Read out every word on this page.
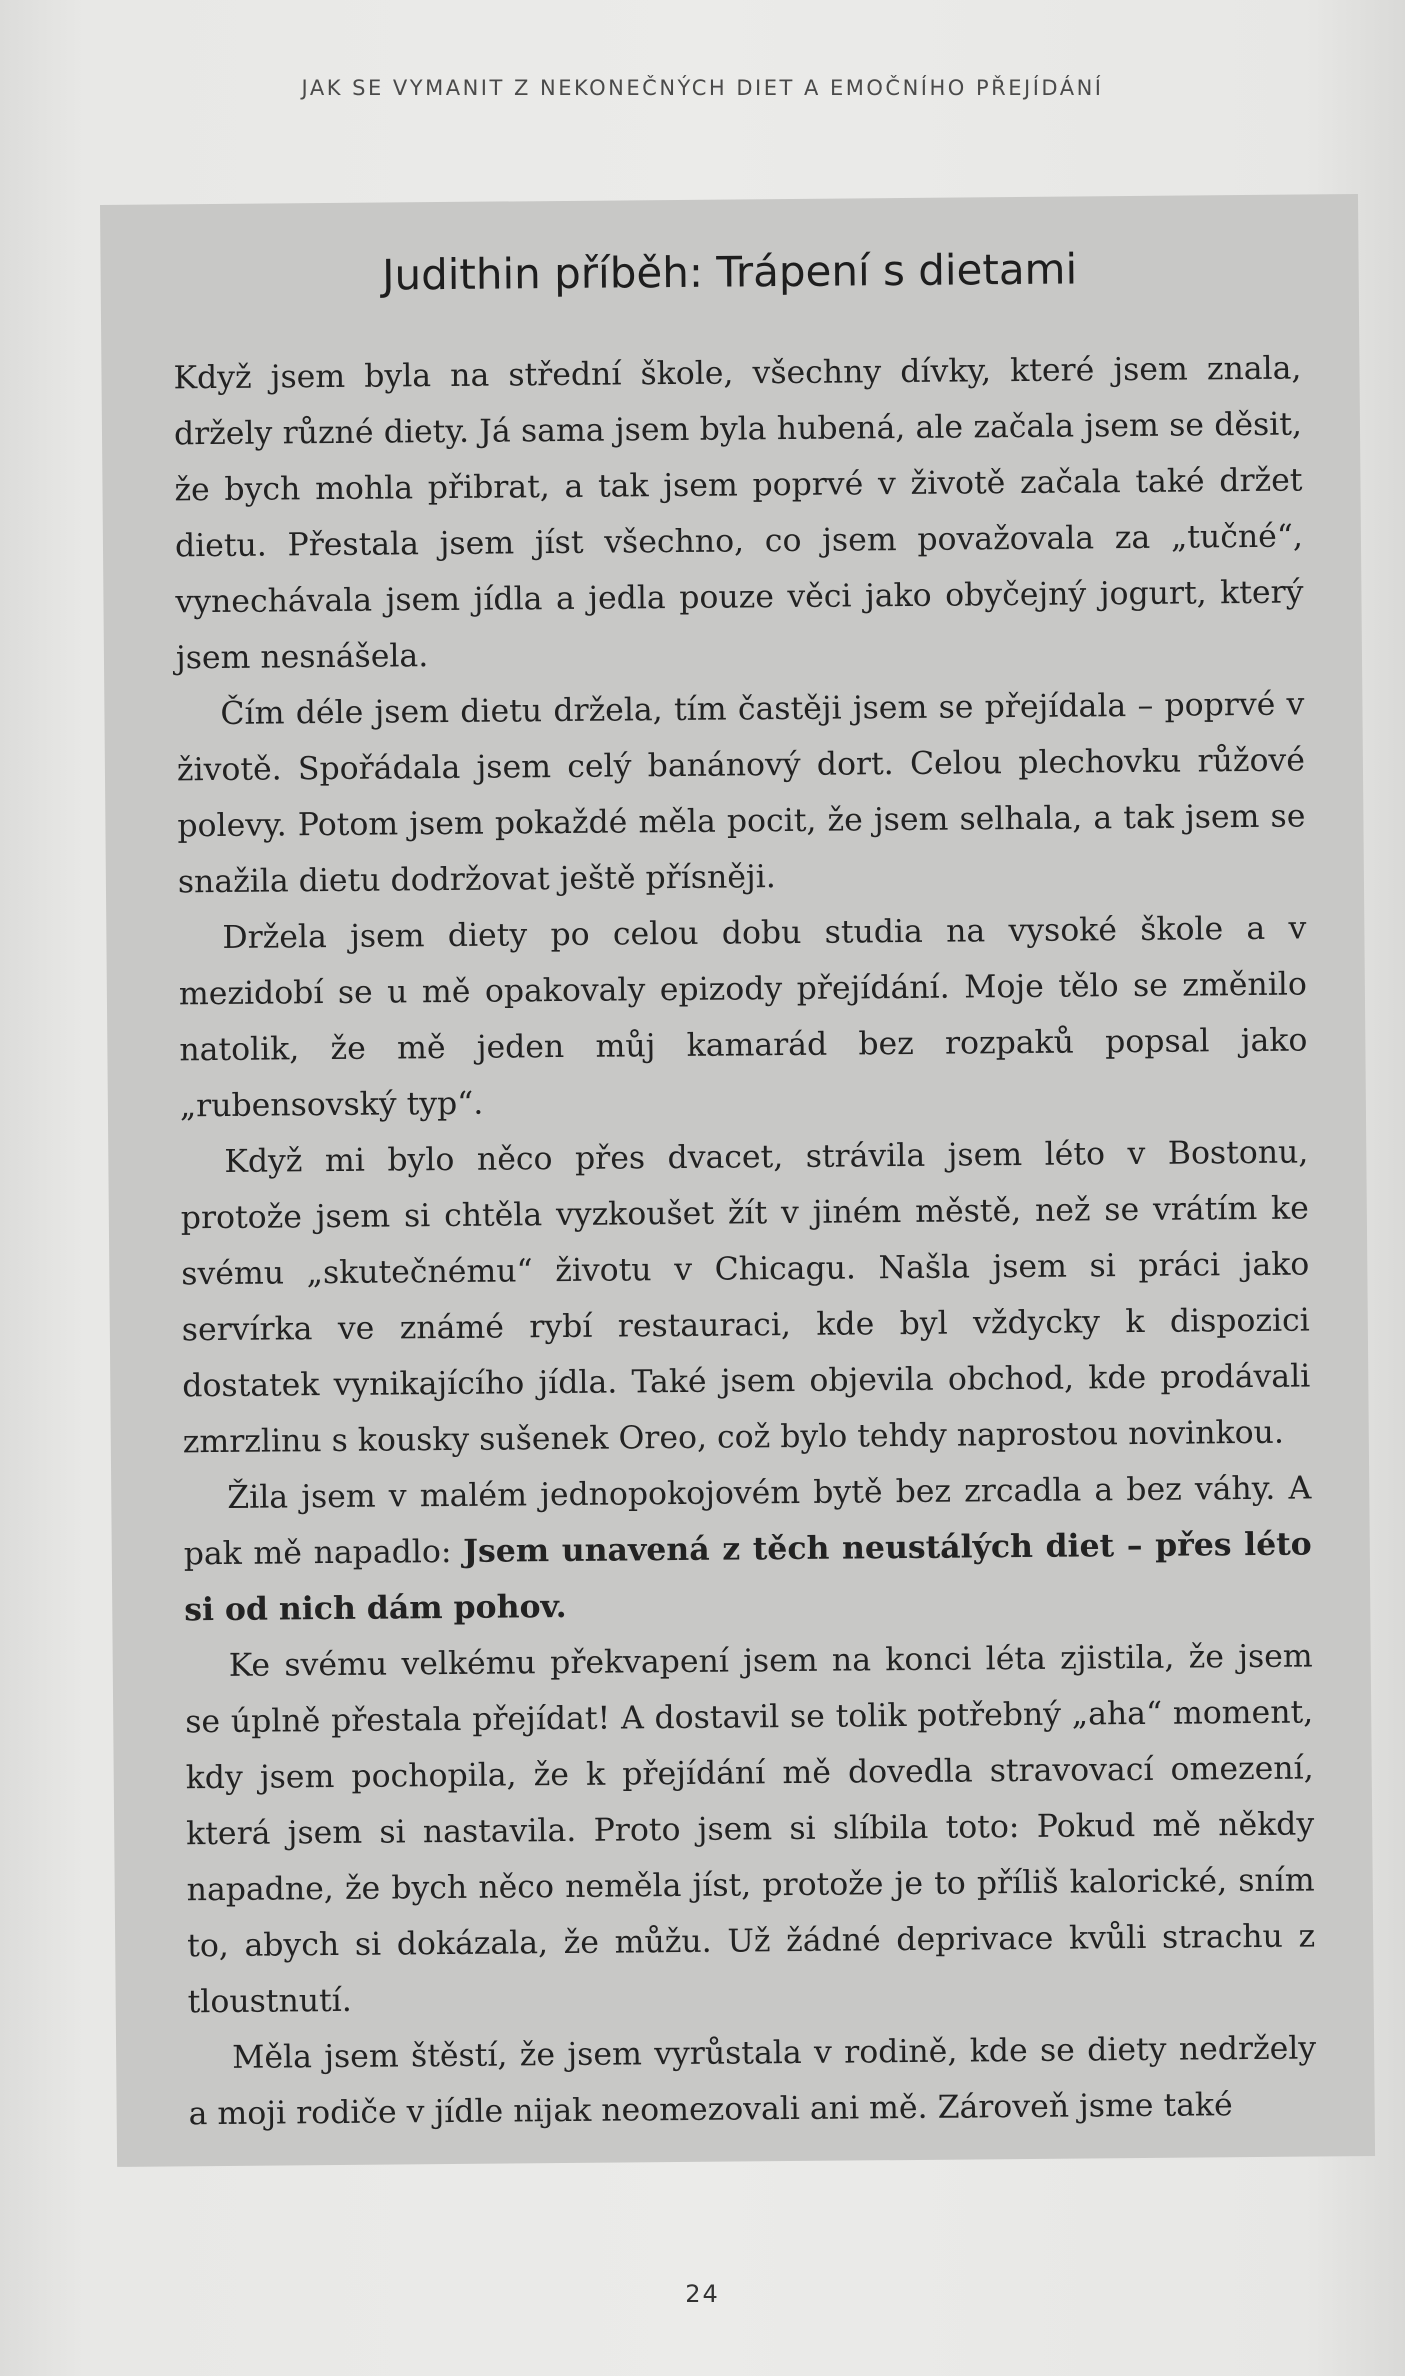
JAK SE VYMANIT Z NEKONEČNÝCH DIET A EMOČNÍHO PŘEJÍDÁNÍ
Judithin příběh: Trápení s dietami

Když jsem byla na střední škole, všechny dívky, které jsem znala, držely různé diety. Já sama jsem byla hubená, ale začala jsem se děsit, že bych mohla přibrat, a tak jsem poprvé v životě začala také držet dietu. Přestala jsem jíst všechno, co jsem považovala za „tučné“, vynechávala jsem jídla a jedla pouze věci jako obyčejný jogurt, který jsem nesnášela.

Čím déle jsem dietu držela, tím častěji jsem se přejídala – poprvé v životě. Spořádala jsem celý banánový dort. Celou plechovku růžové polevy. Potom jsem pokaždé měla pocit, že jsem selhala, a tak jsem se snažila dietu dodržovat ještě přísněji.

Držela jsem diety po celou dobu studia na vysoké škole a v mezidobí se u mě opakovaly epizody přejídání. Moje tělo se změnilo natolik, že mě jeden můj kamarád bez rozpaků popsal jako „rubensovský typ“.

Když mi bylo něco přes dvacet, strávila jsem léto v Bostonu, protože jsem si chtěla vyzkoušet žít v jiném městě, než se vrátím ke svému „skutečnému“ životu v Chicagu. Našla jsem si práci jako servírka ve známé rybí restauraci, kde byl vždycky k dispozici dostatek vynikajícího jídla. Také jsem objevila obchod, kde prodávali zmrzlinu s kousky sušenek Oreo, což bylo tehdy naprostou novinkou.

Žila jsem v malém jednopokojovém bytě bez zrcadla a bez váhy. A pak mě napadlo: Jsem unavená z těch neustálých diet – přes léto si od nich dám pohov.

Ke svému velkému překvapení jsem na konci léta zjistila, že jsem se úplně přestala přejídat! A dostavil se tolik potřebný „aha“ moment, kdy jsem pochopila, že k přejídání mě dovedla stravovací omezení, která jsem si nastavila. Proto jsem si slíbila toto: Pokud mě někdy napadne, že bych něco neměla jíst, protože je to příliš kalorické, sním to, abych si dokázala, že můžu. Už žádné deprivace kvůli strachu z tloustnutí.

Měla jsem štěstí, že jsem vyrůstala v rodině, kde se diety nedržely a moji rodiče v jídle nijak neomezovali ani mě. Zároveň jsme také

24
